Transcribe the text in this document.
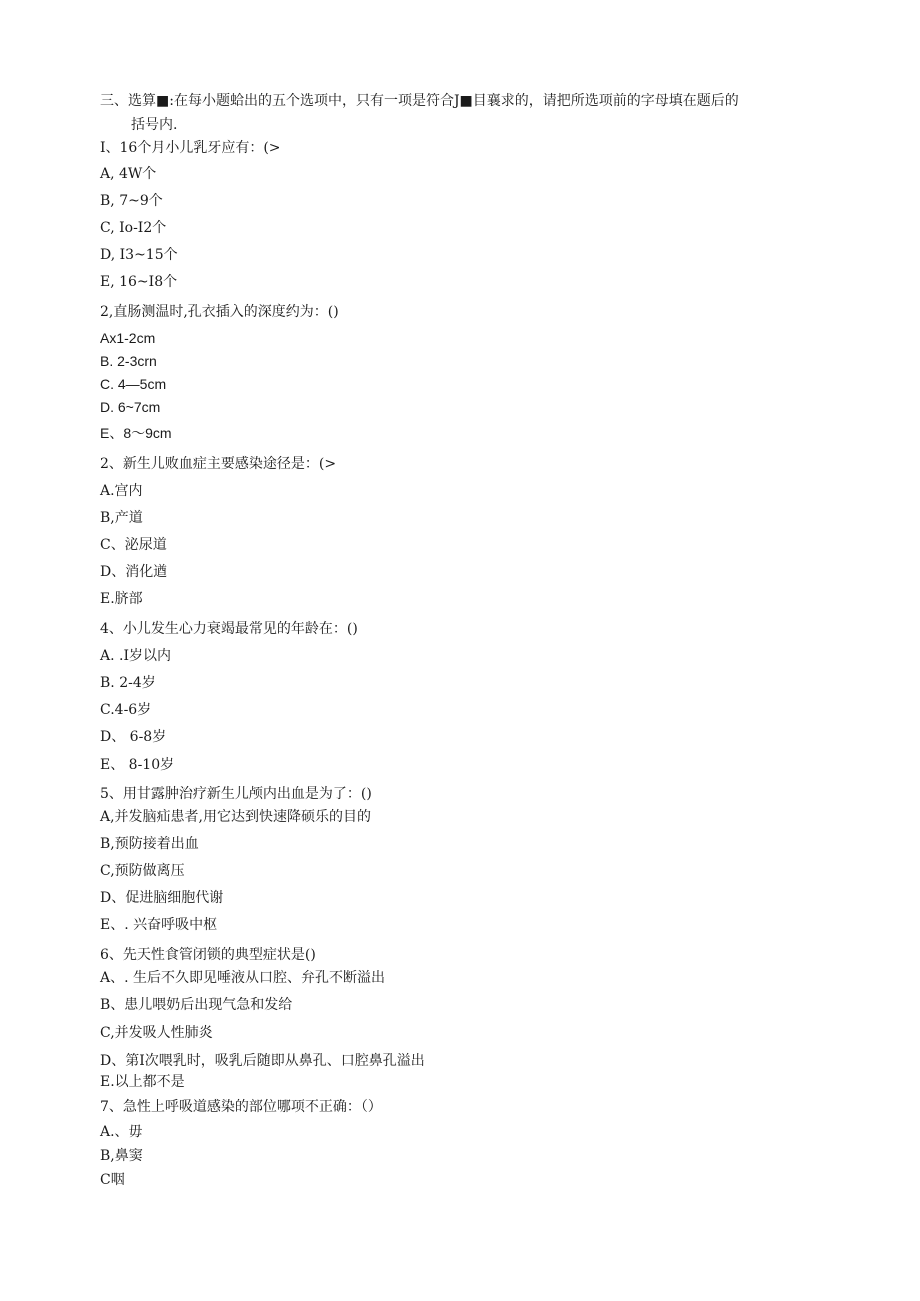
三、选算■:在每小题蛤出的五个选项中，只有一项是符合J■目襄求的，请把所选项前的字母填在题后的
括号内.
I、16个月小儿乳牙应有：(>
A, 4W个
B, 7~9个
C, Io-I2个
D, I3~15个
E, 16~I8个
2,直肠测温时,孔衣插入的深度约为：()
Ax1-2cm
B. 2-3crn
C. 4—5cm
D. 6~7cm
E、8〜9cm
2、新生儿败血症主要感染途径是：(>
A.宫内
B,产道
C、泌尿道
D、消化遒
E.脐部
4、小儿发生心力衰竭最常见的年龄在：()
A. .I岁以内
B. 2-4岁
C.4-6岁
D、 6-8岁
E、 8-10岁
5、用甘露肿治疗新生儿颅内出血是为了：()
A,并发脑疝患者,用它达到快速降硕乐的目的
B,预防接着出血
C,预防做离压
D、促进脑细胞代谢
E、. 兴奋呼吸中枢
6、先天性食管闭锁的典型症状是()
A、. 生后不久即见唾液从口腔、弁孔不断溢出
B、患儿喂奶后出现气急和发给
C,并发吸人性肺炎
D、第I次喂乳时，吸乳后随即从鼻孔、口腔鼻孔溢出
E.以上都不是
7、急性上呼吸道感染的部位哪项不正确：（）
A.、毋
B,鼻窦
C咽
